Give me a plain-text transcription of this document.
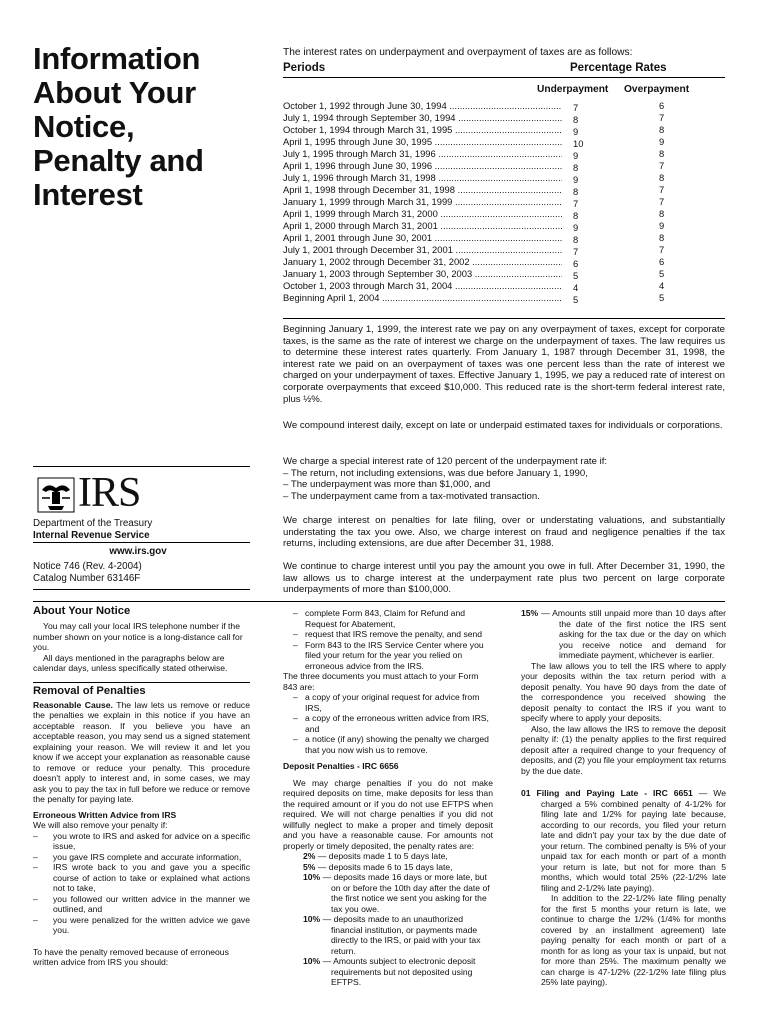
Information
About Your
Notice,
Penalty and
Interest
The interest rates on underpayment and overpayment of taxes are as follows:
Periods	Percentage Rates
Underpayment Overpayment
October 1, 1992 through June 30, 1994 .....	7	6
July 1, 1994 through September 30, 1994 .....	8	7
October 1, 1994 through March 31, 1995 .....	9	8
April 1, 1995 through June 30, 1995 .....	10	9
July 1, 1995 through March 31, 1996 .....	9	8
April 1, 1996 through June 30, 1996 .....	8	7
July 1, 1996 through March 31, 1998 .....	9	8
April 1, 1998 through December 31, 1998 .....	8	7
January 1, 1999 through March 31, 1999 .....	7	7
April 1, 1999 through March 31, 2000 .....	8	8
April 1, 2000 through March 31, 2001 .....	9	9
April 1, 2001 through June 30, 2001 .....	8	8
July 1, 2001 through December 31, 2001 .....	7	7
January 1, 2002 through December 31, 2002 .....	6	6
January 1, 2003 through September 30, 2003 .....	5	5
October 1, 2003 through March 31, 2004 .....	4	4
Beginning April 1, 2004 .....	5	5

Beginning January 1, 1999, the interest rate we pay on any overpayment of taxes, except for corporate taxes, is the same as the rate of interest we charge on the underpayment of taxes. The law requires us to determine these interest rates quarterly. From January 1, 1987 through December 31, 1998, the interest rate we paid on an overpayment of taxes was one percent less than the rate of interest we charged on your underpayment of taxes. Effective January 1, 1995, we pay a reduced rate of interest on corporate overpayments that exceed $10,000. This reduced rate is the short-term federal interest rate, plus ½%.

We compound interest daily, except on late or underpaid estimated taxes for individuals or corporations.

We charge a special interest rate of 120 percent of the underpayment rate if:

– The return, not including extensions, was due before January 1, 1990,

– The underpayment was more than $1,000, and

– The underpayment came from a tax-motivated transaction.

We charge interest on penalties for late filing, over or understating valuations, and substantially understating the tax you owe. Also, we charge interest on fraud and negligence penalties if the tax returns, including extensions, are due after December 31, 1988.

We continue to charge interest until you pay the amount you owe in full. After December 31, 1990, the law allows us to charge interest at the underpayment rate plus two percent on large corporate underpayments of more than $100,000.

IRS
Department of the Treasury
Internal Revenue Service
www.irs.gov
Notice 746 (Rev. 4-2004)
Catalog Number 63146F

About Your Notice

You may call your local IRS telephone number if the number shown on your notice is a long-distance call for you.

All days mentioned in the paragraphs below are calendar days, unless specifically stated otherwise.

Removal of Penalties

Reasonable Cause. The law lets us remove or reduce the penalties we explain in this notice if you have an acceptable reason. If you believe you have an acceptable reason, you may send us a signed statement explaining your reason. We will review it and let you know if we accept your explanation as reasonable cause to remove or reduce your penalty. This procedure doesn't apply to interest and, in some cases, we may ask you to pay the tax in full before we reduce or remove the penalty for paying late.

Erroneous Written Advice from IRS

We will also remove your penalty if:

– you wrote to IRS and asked for advice on a specific issue,
– you gave IRS complete and accurate information,
– IRS wrote back to you and gave you a specific course of action to take or explained what actions not to take,
– you followed our written advice in the manner we outlined, and
– you were penalized for the written advice we gave you.

To have the penalty removed because of erroneous written advice from IRS you should:

– complete Form 843, Claim for Refund and Request for Abatement,
– request that IRS remove the penalty, and send
– Form 843 to the IRS Service Center where you filed your return for the year you relied on erroneous advice from the IRS.

The three documents you must attach to your Form 843 are:

– a copy of your original request for advice from IRS,
– a copy of the erroneous written advice from IRS, and
– a notice (if any) showing the penalty we charged that you now wish us to remove.

Deposit Penalties - IRC 6656

We may charge penalties if you do not make required deposits on time, make deposits for less than the required amount or if you do not use EFTPS when required. We will not charge penalties if you did not willfully neglect to make a proper and timely deposit and you have a reasonable cause. For amounts not properly or timely deposited, the penalty rates are:

2% — deposits made 1 to 5 days late,

5% — deposits made 6 to 15 days late,

10% — deposits made 16 days or more late, but on or before the 10th day after the date of the first notice we sent you asking for the tax you owe.

10% — deposits made to an unauthorized financial institution, or payments made directly to the IRS, or paid with your tax return.

10% — Amounts subject to electronic deposit requirements but not deposited using EFTPS.

15% — Amounts still unpaid more than 10 days after the date of the first notice the IRS sent asking for the tax due or the day on which you receive notice and demand for immediate payment, whichever is earlier.

The law allows you to tell the IRS where to apply your deposits within the tax return period with a deposit penalty. You have 90 days from the date of the correspondence you received showing the deposit penalty to contact the IRS if you want to specify where to apply your deposits.

Also, the law allows the IRS to remove the deposit penalty if: (1) the penalty applies to the first required deposit after a required change to your frequency of deposits, and (2) you file your employment tax returns by the due date.

01 Filing and Paying Late - IRC 6651 — We charged a 5% combined penalty of 4-1/2% for filing late and 1/2% for paying late because, according to our records, you filed your return late and didn't pay your tax by the due date of your return. The combined penalty is 5% of your unpaid tax for each month or part of a month your return is late, but not for more than 5 months, which would total 25% (22-1/2% late filing and 2-1/2% late paying).

In addition to the 22-1/2% late filing penalty for the first 5 months your return is late, we continue to charge the 1/2% (1/4% for months covered by an installment agreement) late paying penalty for each month or part of a month for as long as your tax is unpaid, but not for more than 25%. The maximum penalty we can charge is 47-1/2% (22-1/2% late filing plus 25% late paying).
